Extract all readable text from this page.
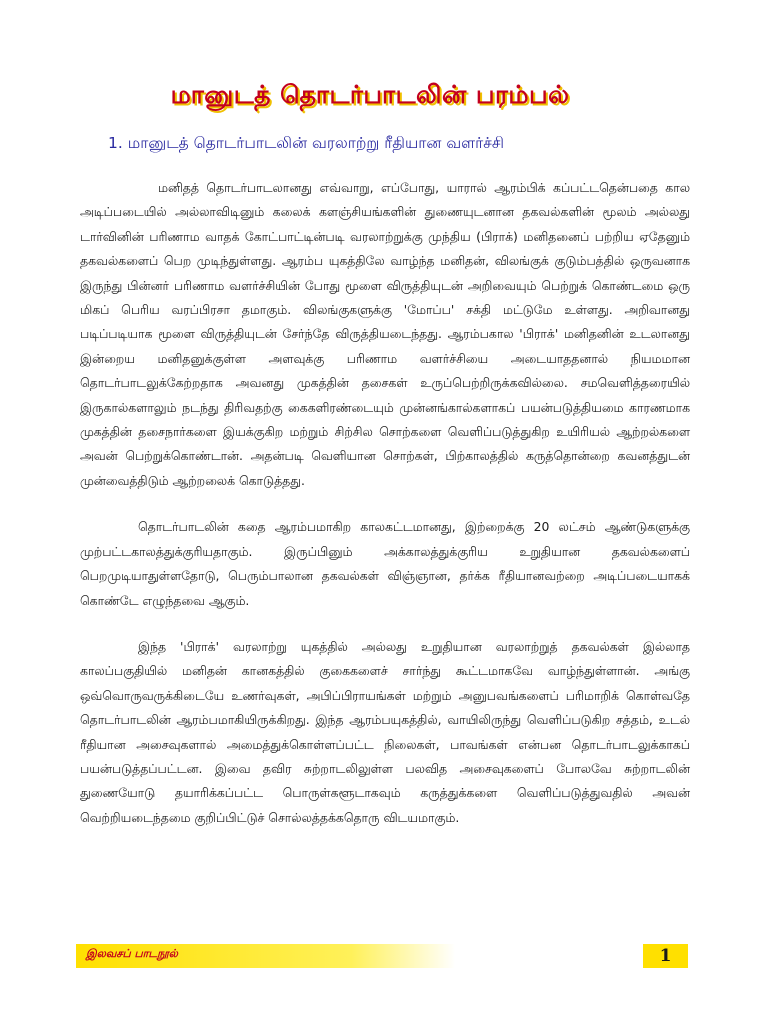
மானுடத் தொடர்பாடலின் பரம்பல்
1. மானுடத் தொடர்பாடலின் வரலாற்று ரீதியான வளர்ச்சி

மனிதத் தொடர்பாடலானது எவ்வாறு, எப்போது, யாரால் ஆரம்பிக் கப்பட்டதென்பதை கால அடிப்படையில் அல்லாவிடினும் கலைக் களஞ்சியங்களின் துணையுடனான தகவல்களின் மூலம் அல்லது டார்வினின் பரிணாம வாதக் கோட்பாட்டின்படி வரலாற்றுக்கு முந்திய (பிராக்) மனிதனைப் பற்றிய ஏதேனும் தகவல்களைப் பெற முடிந்துள்ளது. ஆரம்ப யுகத்திலே வாழ்ந்த மனிதன், விலங்குக் குடும்பத்தில் ஒருவனாக இருந்து பின்னர் பரிணாம வளர்ச்சியின் போது மூளை விருத்தியுடன் அறிவையும் பெற்றுக் கொண்டமை ஒரு மிகப் பெரிய வரப்பிரசா தமாகும். விலங்குகளுக்கு 'மோப்ப' சக்தி மட்டுமே உள்ளது. அறிவானது படிப்படியாக மூளை விருத்தியுடன் சேர்ந்தே விருத்தியடைந்தது. ஆரம்பகால 'பிராக்' மனிதனின் உடலானது இன்றைய மனிதனுக்குள்ள அளவுக்கு பரிணாம வளர்ச்சியை அடையாததனால் நியமமான தொடர்பாடலுக்கேற்றதாக அவனது முகத்தின் தசைகள் உருப்பெற்றிருக்கவில்லை. சமவெளித்தரையில் இருகால்களாலும் நடந்து திரிவதற்கு கைகளிரண்டையும் முன்னங்கால்களாகப் பயன்படுத்தியமை காரணமாக முகத்தின் தசைநார்களை இயக்குகிற மற்றும் சிற்சில சொற்களை வெளிப்படுத்துகிற உயிரியல் ஆற்றல்களை அவன் பெற்றுக்கொண்டான். அதன்படி வெளியான சொற்கள், பிற்காலத்தில் கருத்தொன்றை கவனத்துடன் முன்வைத்திடும் ஆற்றலைக் கொடுத்தது.

தொடர்பாடலின் கதை ஆரம்பமாகிற காலகட்டமானது, இற்றைக்கு 20 லட்சம் ஆண்டுகளுக்கு முற்பட்டகாலத்துக்குரியதாகும். இருப்பினும் அக்காலத்துக்குரிய உறுதியான தகவல்களைப் பெறமுடியாதுள்ளதோடு, பெரும்பாலான தகவல்கள் விஞ்ஞான, தர்க்க ரீதியானவற்றை அடிப்படையாகக் கொண்டே எழுந்தவை ஆகும்.

இந்த 'பிராக்' வரலாற்று யுகத்தில் அல்லது உறுதியான வரலாற்றுத் தகவல்கள் இல்லாத காலப்பகுதியில் மனிதன் கானகத்தில் குகைகளைச் சார்ந்து கூட்டமாகவே வாழ்ந்துள்ளான். அங்கு ஒவ்வொருவருக்கிடையே உணர்வுகள், அபிப்பிராயங்கள் மற்றும் அனுபவங்களைப் பரிமாறிக் கொள்வதே தொடர்பாடலின் ஆரம்பமாகியிருக்கிறது. இந்த ஆரம்பயுகத்தில், வாயிலிருந்து வெளிப்படுகிற சத்தம், உடல் ரீதியான அசைவுகளால் அமைத்துக்கொள்ளப்பட்ட நிலைகள், பாவங்கள் என்பன தொடர்பாடலுக்காகப் பயன்படுத்தப்பட்டன. இவை தவிர சுற்றாடலிலுள்ள பலவித அசைவுகளைப் போலவே சுற்றாடலின் துணையோடு தயாரிக்கப்பட்ட பொருள்களூடாகவும் கருத்துக்களை வெளிப்படுத்துவதில் அவன் வெற்றியடைந்தமை குறிப்பிட்டுச் சொல்லத்தக்கதொரு விடயமாகும்.

இலவசப் பாடநூல்	1
